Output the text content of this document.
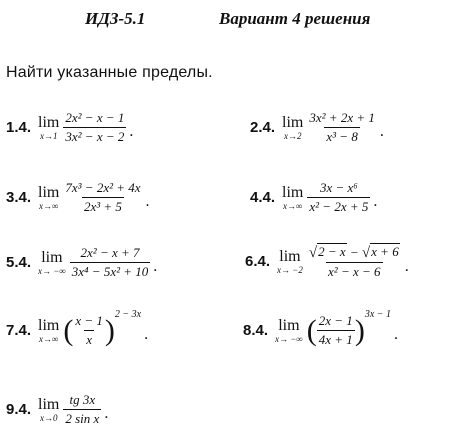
ИДЗ-5.1	Вариант 4 решения
Найти указанные пределы.
1.4. lim
$x\to 1 \frac{\text{2x² − x − 1}}{\text{3x² − x − 2}}$ .	2.4. lim
$x\to 2 \frac{\text{3x² + 2x + 1}}{\text{x³ − 8}}$ .
3.4. lim
$x\to\infty \frac{\text{7x³ − 2x² + 4x}}{\text{2x³ + 5}}$ .	4.4. lim
$x\to\infty \frac{\text{3x − x⁶}}{\text{x² − 2x + 5}}$ .
5.4. lim
x→ −∞ $\frac{\text{2x² − x + 7}}{\text{3x⁴ − 5x² + 10}}$ .	6.4. lim
$x\to -2 \frac{√ 2 - x - √ x + 6}{\text{x² − x − 6}}$ .
7.4. lim
x→∞ ( $\frac{x - 1}{x}$ ) 2 − 3x
.	8.4. lim
x→ −∞ ( $\frac{2x - 1}{4x + 1}$ ) 3x − 1
.
9.4. lim
$x\to 0 \frac{tg 3x}{\text{2 sin x}}$ .
